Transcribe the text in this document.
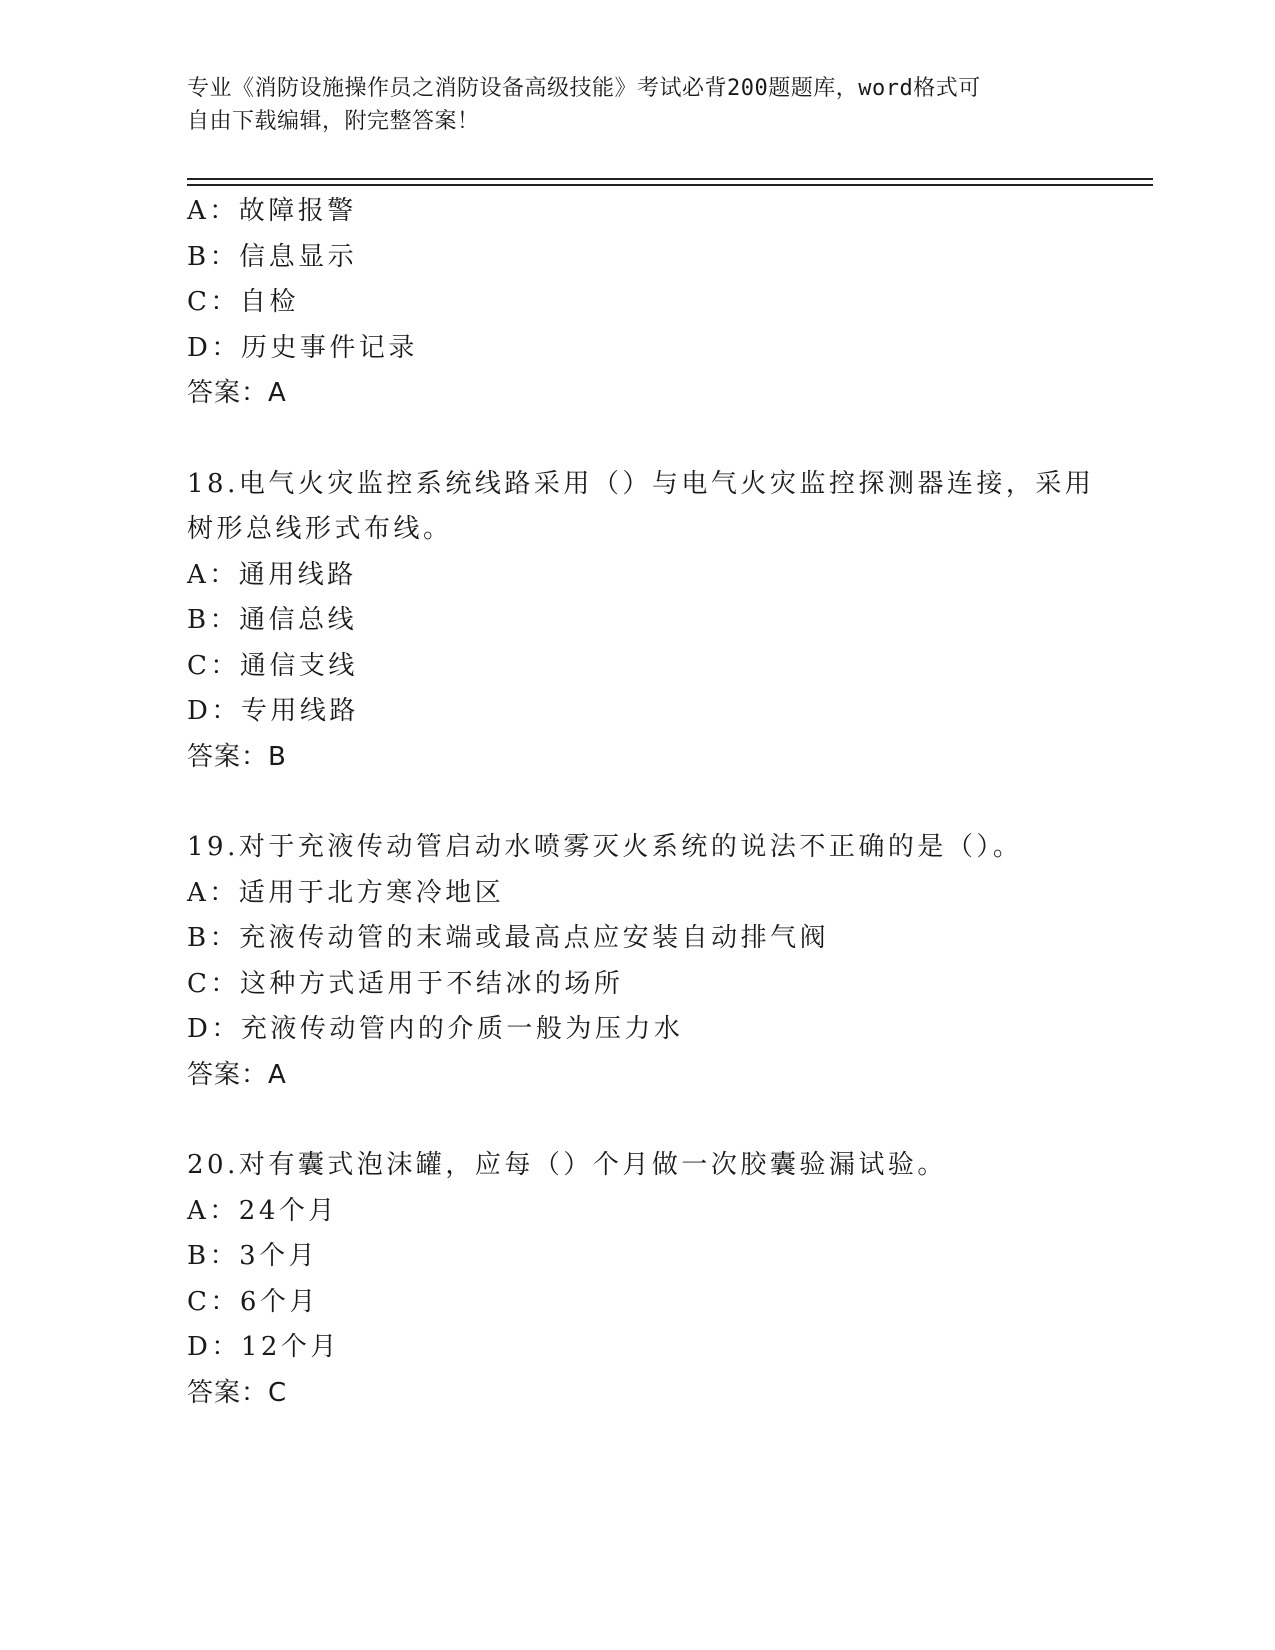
专业《消防设施操作员之消防设备高级技能》考试必背200题题库，word格式可
自由下载编辑，附完整答案！
A：故障报警
B：信息显示
C：自检
D：历史事件记录
答案：A
18.电气火灾监控系统线路采用（）与电气火灾监控探测器连接，采用
树形总线形式布线。
A：通用线路
B：通信总线
C：通信支线
D：专用线路
答案：B
19.对于充液传动管启动水喷雾灭火系统的说法不正确的是（）。
A：适用于北方寒冷地区
B：充液传动管的末端或最高点应安装自动排气阀
C：这种方式适用于不结冰的场所
D：充液传动管内的介质一般为压力水
答案：A
20.对有囊式泡沫罐，应每（）个月做一次胶囊验漏试验。
A：24个月
B：3个月
C：6个月
D：12个月
答案：C
